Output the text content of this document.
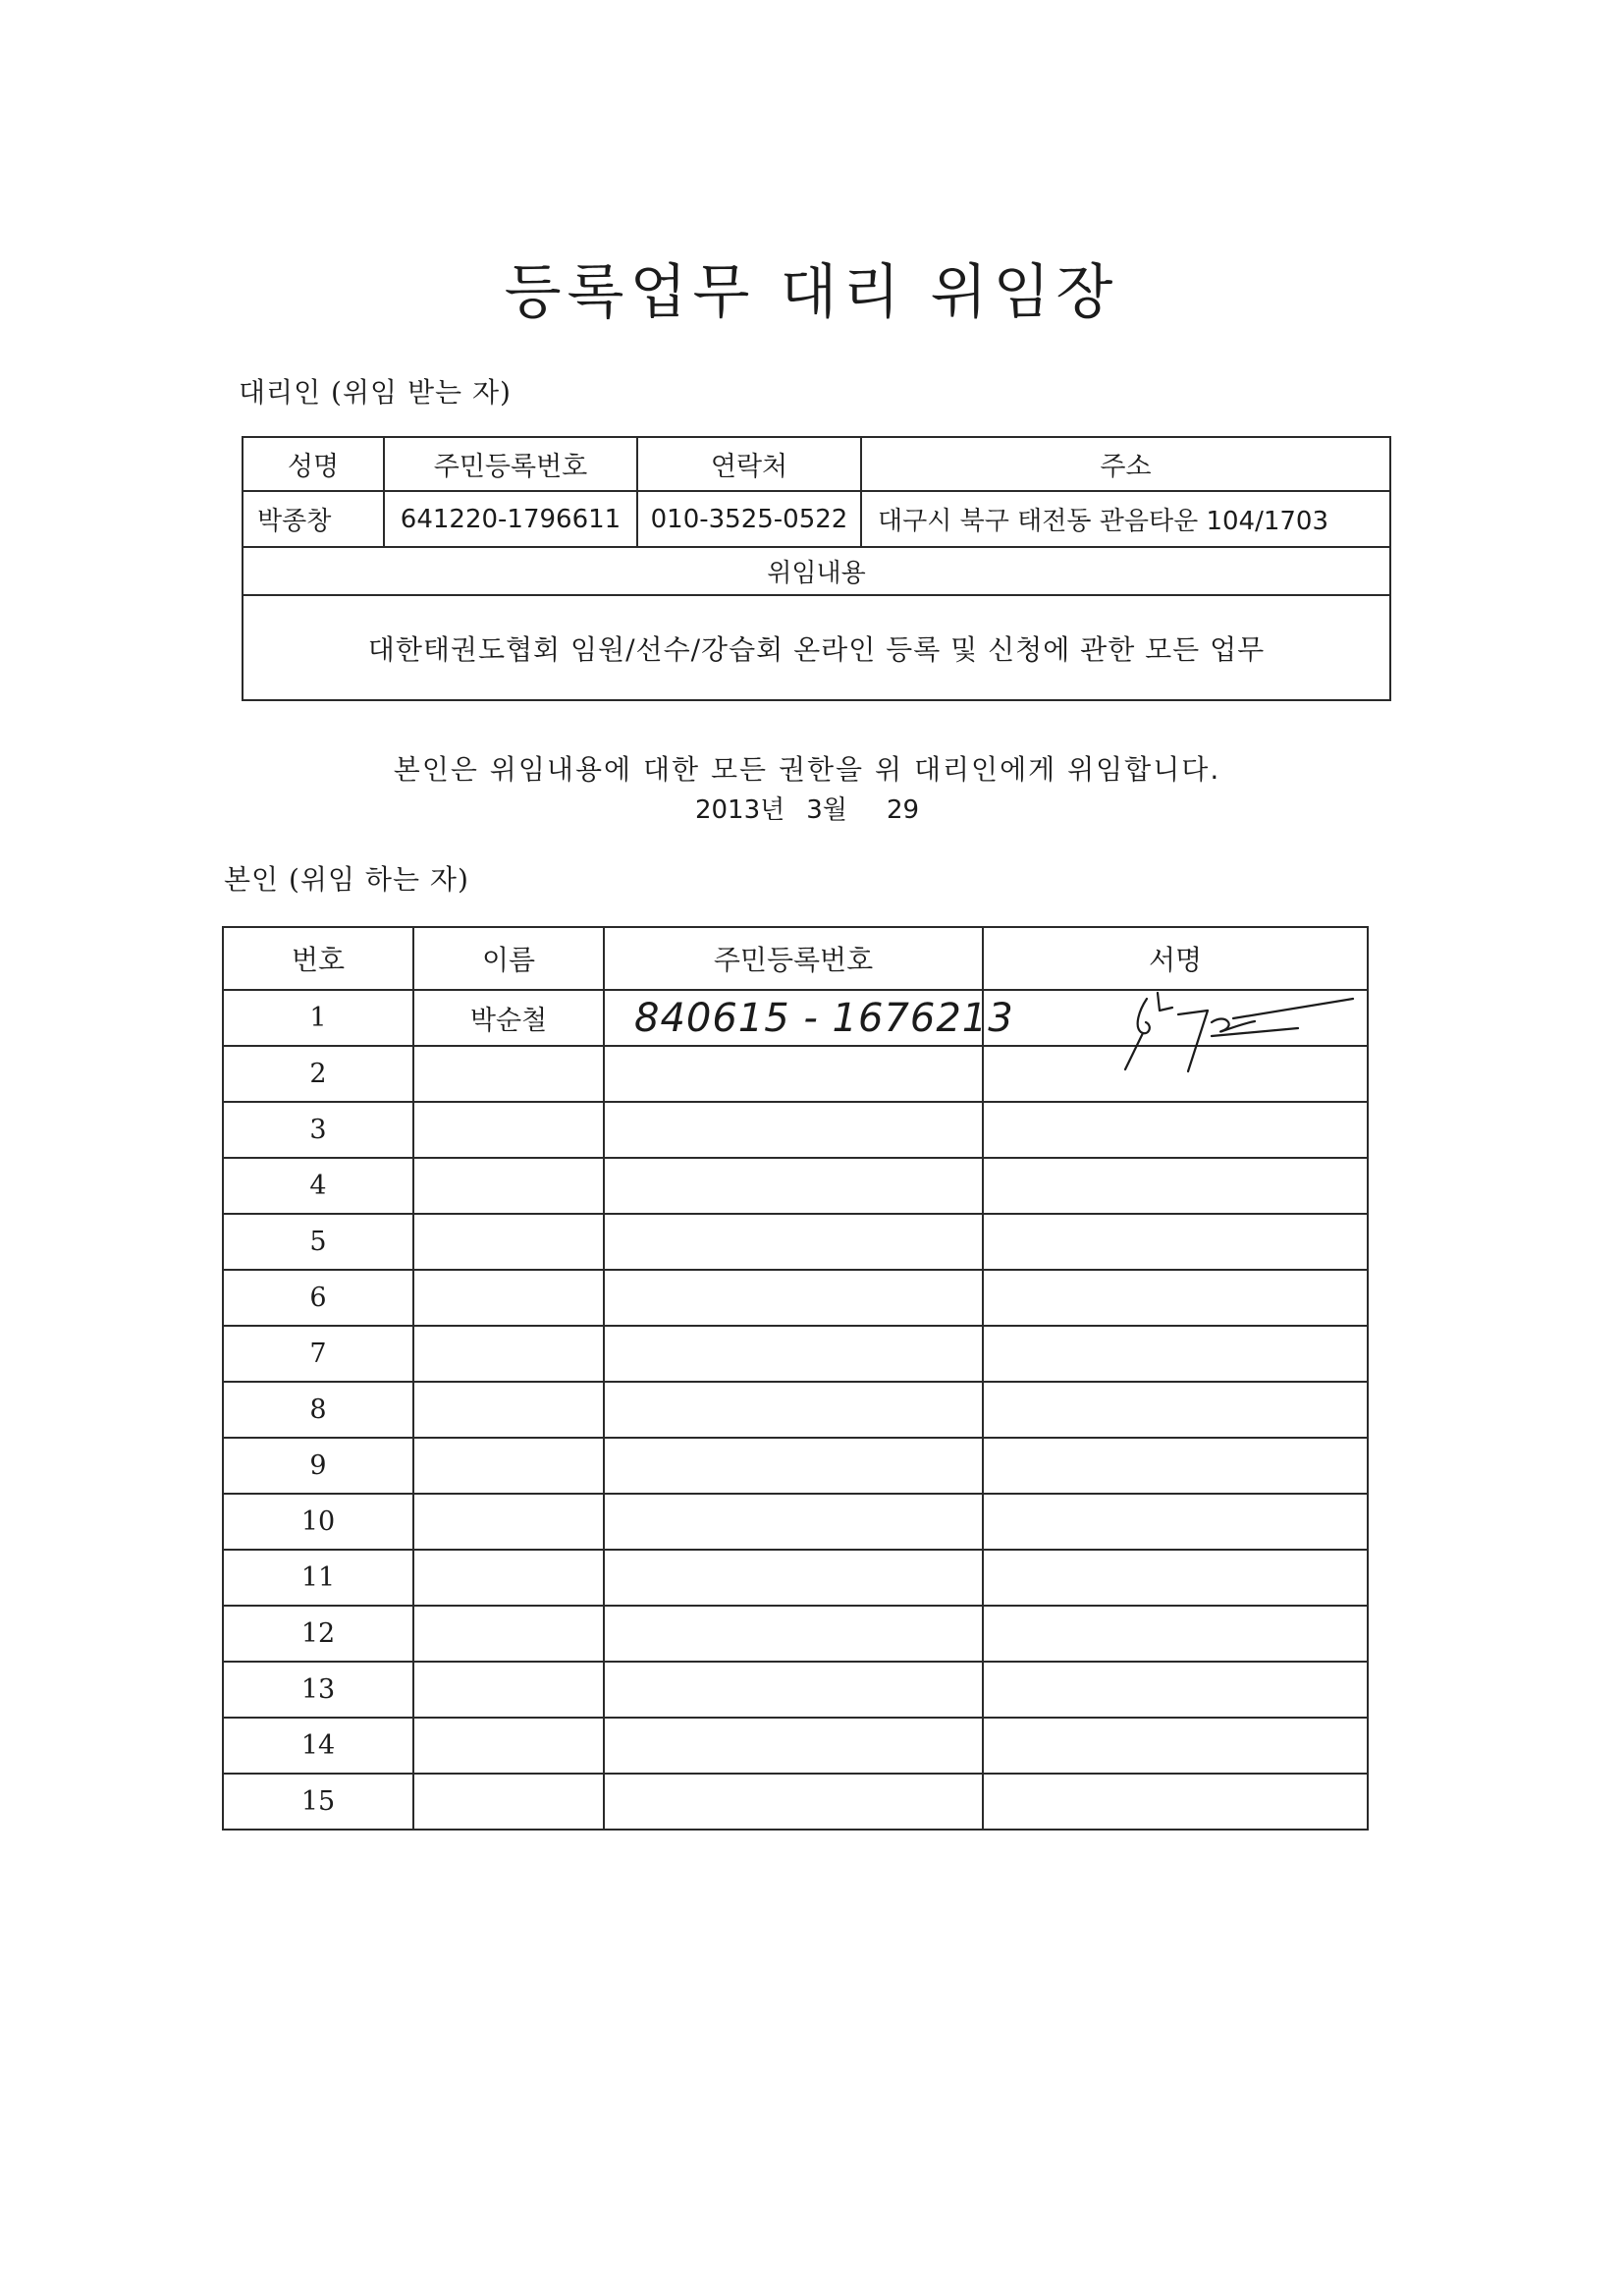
등록업무 대리 위임장
대리인 (위임 받는 자)
성명	주민등록번호	연락처	주소
박종창	641220-1796611	010-3525-0522	대구시 북구 태전동 관음타운 104/1703
위임내용			
대한태권도협회 임원/선수/강습회 온라인 등록 및 신청에 관한 모든 업무			
본인은 위임내용에 대한 모든 권한을 위 대리인에게 위임합니다.
2013년 3월 29
본인 (위임 하는 자)
번호	이름	주민등록번호	서명
1	박순철	840615 - 1676213	
2			
3			
4			
5			
6			
7			
8			
9			
10			
11			
12			
13			
14			
15			
